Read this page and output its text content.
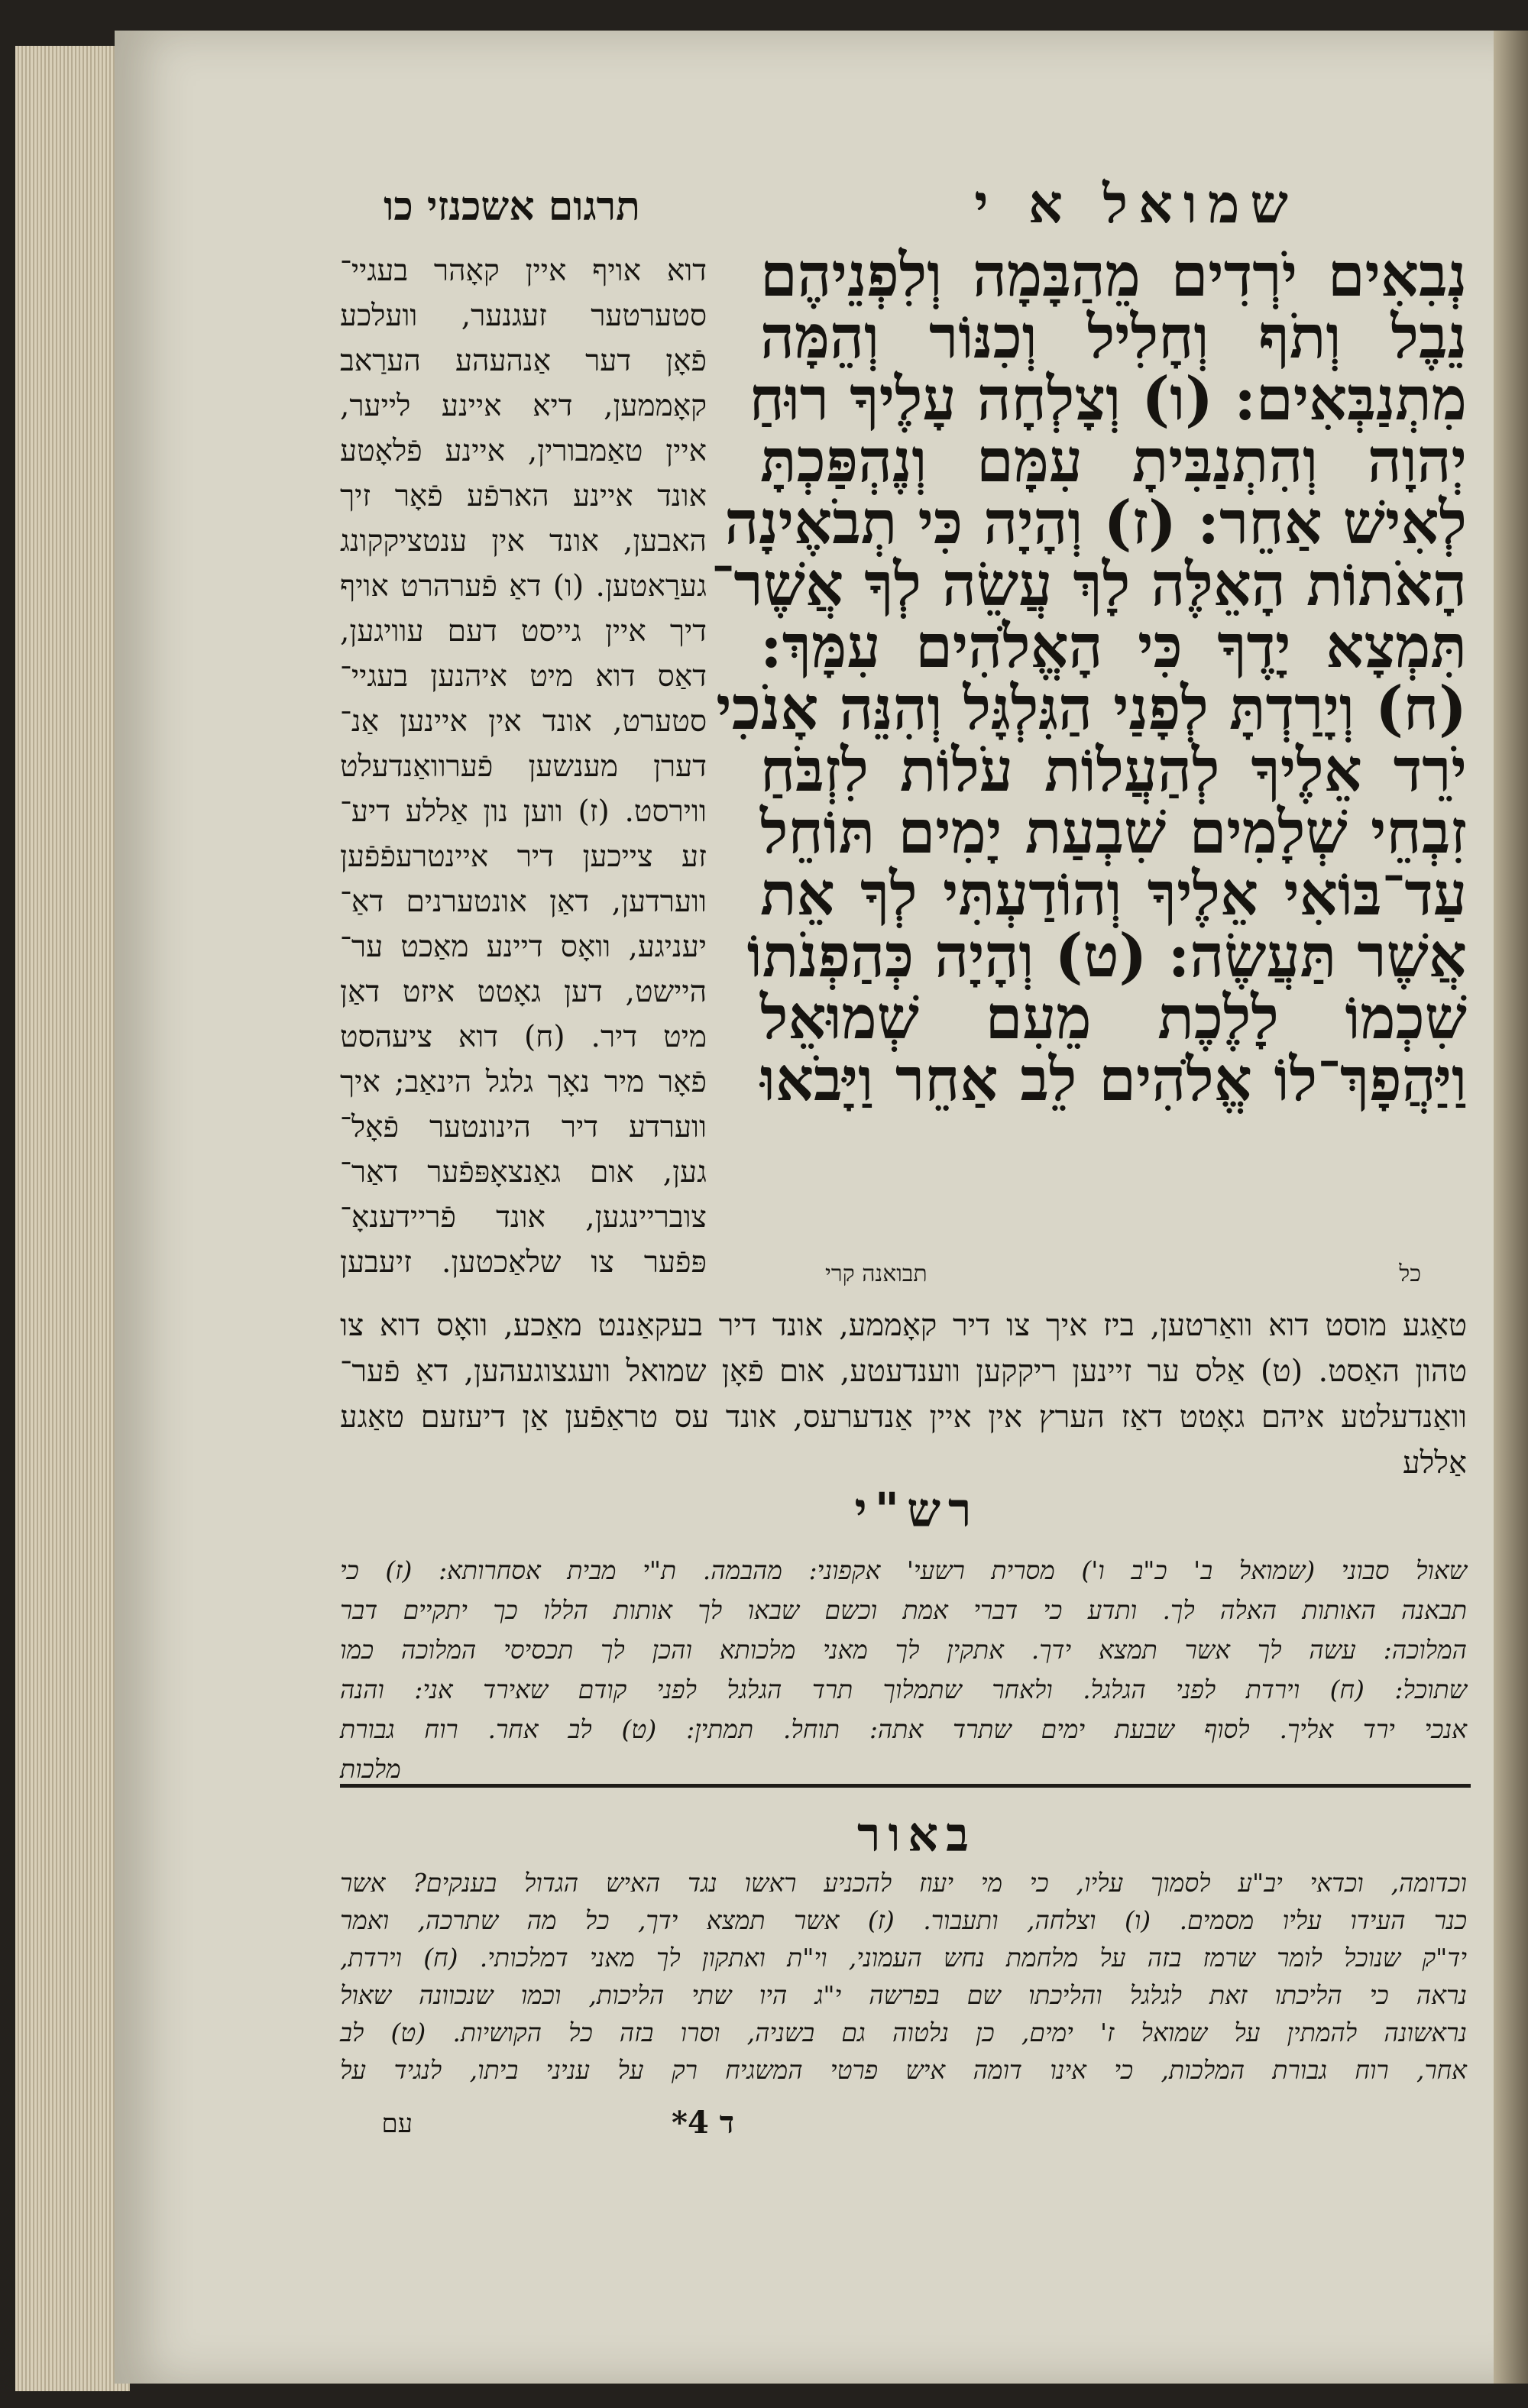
שמואל א י
תרגום אשכנזי כו
נְבִאִים יֹרְדִים מֵהַבָּמָה וְלִפְנֵיהֶם
נֵבֶל וְתֹף וְחָלִיל וְכִנּוֹר וְהֵמָּה
מִתְנַבְּאִים: (ו) וְצָלְחָה עָלֶיךָ רוּחַ
יְהוָה וְהִתְנַבִּיתָ עִמָּם וְנֶהְפַּכְתָּ
לְאִישׁ אַחֵר: (ז) וְהָיָה כִּי תְבֹאֶינָה
הָאֹתוֹת הָאֵלֶּה לָךְ עֲשֵׂה לְךָ אֲשֶׁר־
תִּמְצָא יָדֶךָ כִּי הָאֱלֹהִים עִמָּךְ:
(ח) וְיָרַדְתָּ לְפָנַי הַגִּלְגָּל וְהִנֵּה אָנֹכִי
יֹרֵד אֵלֶיךָ לְהַעֲלוֹת עֹלוֹת לִזְבֹּחַ
זִבְחֵי שְׁלָמִים שִׁבְעַת יָמִים תּוֹחֵל
עַד־בּוֹאִי אֵלֶיךָ וְהוֹדַעְתִּי לְךָ אֵת
אֲשֶׁר תַּעֲשֶׂה: (ט) וְהָיָה כְּהַפְנֹתוֹ
שִׁכְמוֹ לָלֶכֶת מֵעִם שְׁמוּאֵל
וַיַּהֲפָךְ־לוֹ אֱלֹהִים לֵב אַחֵר וַיָּבֹאוּ
דוא אויף איין קאָהר בעגיי־
סטערטער זעגנער, וועלכע
פֿאָן דער אַנהעהע הערַאב
קאָממען, דיא איינע לייער,
איין טאַמבורין, איינע פֿלאָטע
אונד איינע הארפֿע פֿאָר זיך
האבען, אונד אין ענטציקקונג
גערַאטען. (ו) דאַ פֿערהרט אויף
דיך איין גייסט דעם עוויגען,
דאַס דוא מיט איהנען בעגיי־
סטערט, אונד אין איינען אַנ־
דערן מענשען פֿערוואַנדעלט
ווירסט. (ז) ווען נון אַללע דיע־
זע צייכען דיר איינטרעפֿפֿען
ווערדען, דאַן אונטערנים דאַ־
יעניגע, וואָס דיינע מאַכט ער־
היישט, דען גאָטט איזט דאַן
מיט דיר. (ח) דוא ציעהסט
פֿאָר מיר נאָך גלגל הינאַב; איך
ווערדע דיר הינונטער פֿאָל־
גען, אום גאַנצאָפּפֿער דאַר־
צובריינגען, אונד פֿריידענאָ־
פּפֿער צו שלאַכטען. זיעבען	תבואנה קרי	כל
טאַגע מוסט דוא וואַרטען, ביז איך צו דיר קאָממע, אונד דיר בעקאַננט מאַכע, וואָס דוא צו
טהון האַסט. (ט) אַלס ער זיינען ריקקען ווענדעטע, אום פֿאָן שמואל וועגצוגעהען, דאַ פֿער־
וואַנדעלטע איהם גאָטט דאַז הערץ אין איין אַנדערעס, אונד עס טראַפֿען אַן דיעזעם טאַגע
אַללע
רש"י
שאול סבוני (שמואל ב' כ"ב ו') מסרית רשעי' אקפוני: מהבמה. ת"י מבית אסחרותא: (ז) כי
תבאנה האותות האלה לך. ותדע כי דברי אמת וכשם שבאו לך אותות הללו כך יתקיים דבר
המלוכה: עשה לך אשר תמצא ידך. אתקין לך מאני מלכותא והכן לך תכסיסי המלוכה כמו
שתוכל: (ח) וירדת לפני הגלגל. ולאחר שתמלוך תרד הגלגל לפני קודם שאירד אני: והנה
אנכי ירד אליך. לסוף שבעת ימים שתרד אתה: תוחל. תמתין: (ט) לב אחר. רוח גבורת
מלכות
באור
וכדומה, וכדאי יב"ע לסמוך עליו, כי מי יעוז להכניע ראשו נגד האיש הגדול בענקים? אשר
כנר העידו עליו מסמים. (ו) וצלחה, ותעבור. (ז) אשר תמצא ידך, כל מה שתרכה, ואמר
יד"ק שנוכל לומר שרמז בזה על מלחמת נחש העמוני, וי"ת ואתקון לך מאני דמלכותי. (ח) וירדת,
נראה כי הליכתו זאת לגלגל והליכתו שם בפרשה י"ג היו שתי הליכות, וכמו שנכוונה שאול
נראשונה להמתין על שמואל ז' ימים, כן נלטוה גם בשניה, וסרו בזה כל הקושיות. (ט) לב
אחר, רוח גבורת המלכות, כי אינו דומה איש פרטי המשגיח רק על עניני ביתו, לנגיד על
ד 4*
עם
